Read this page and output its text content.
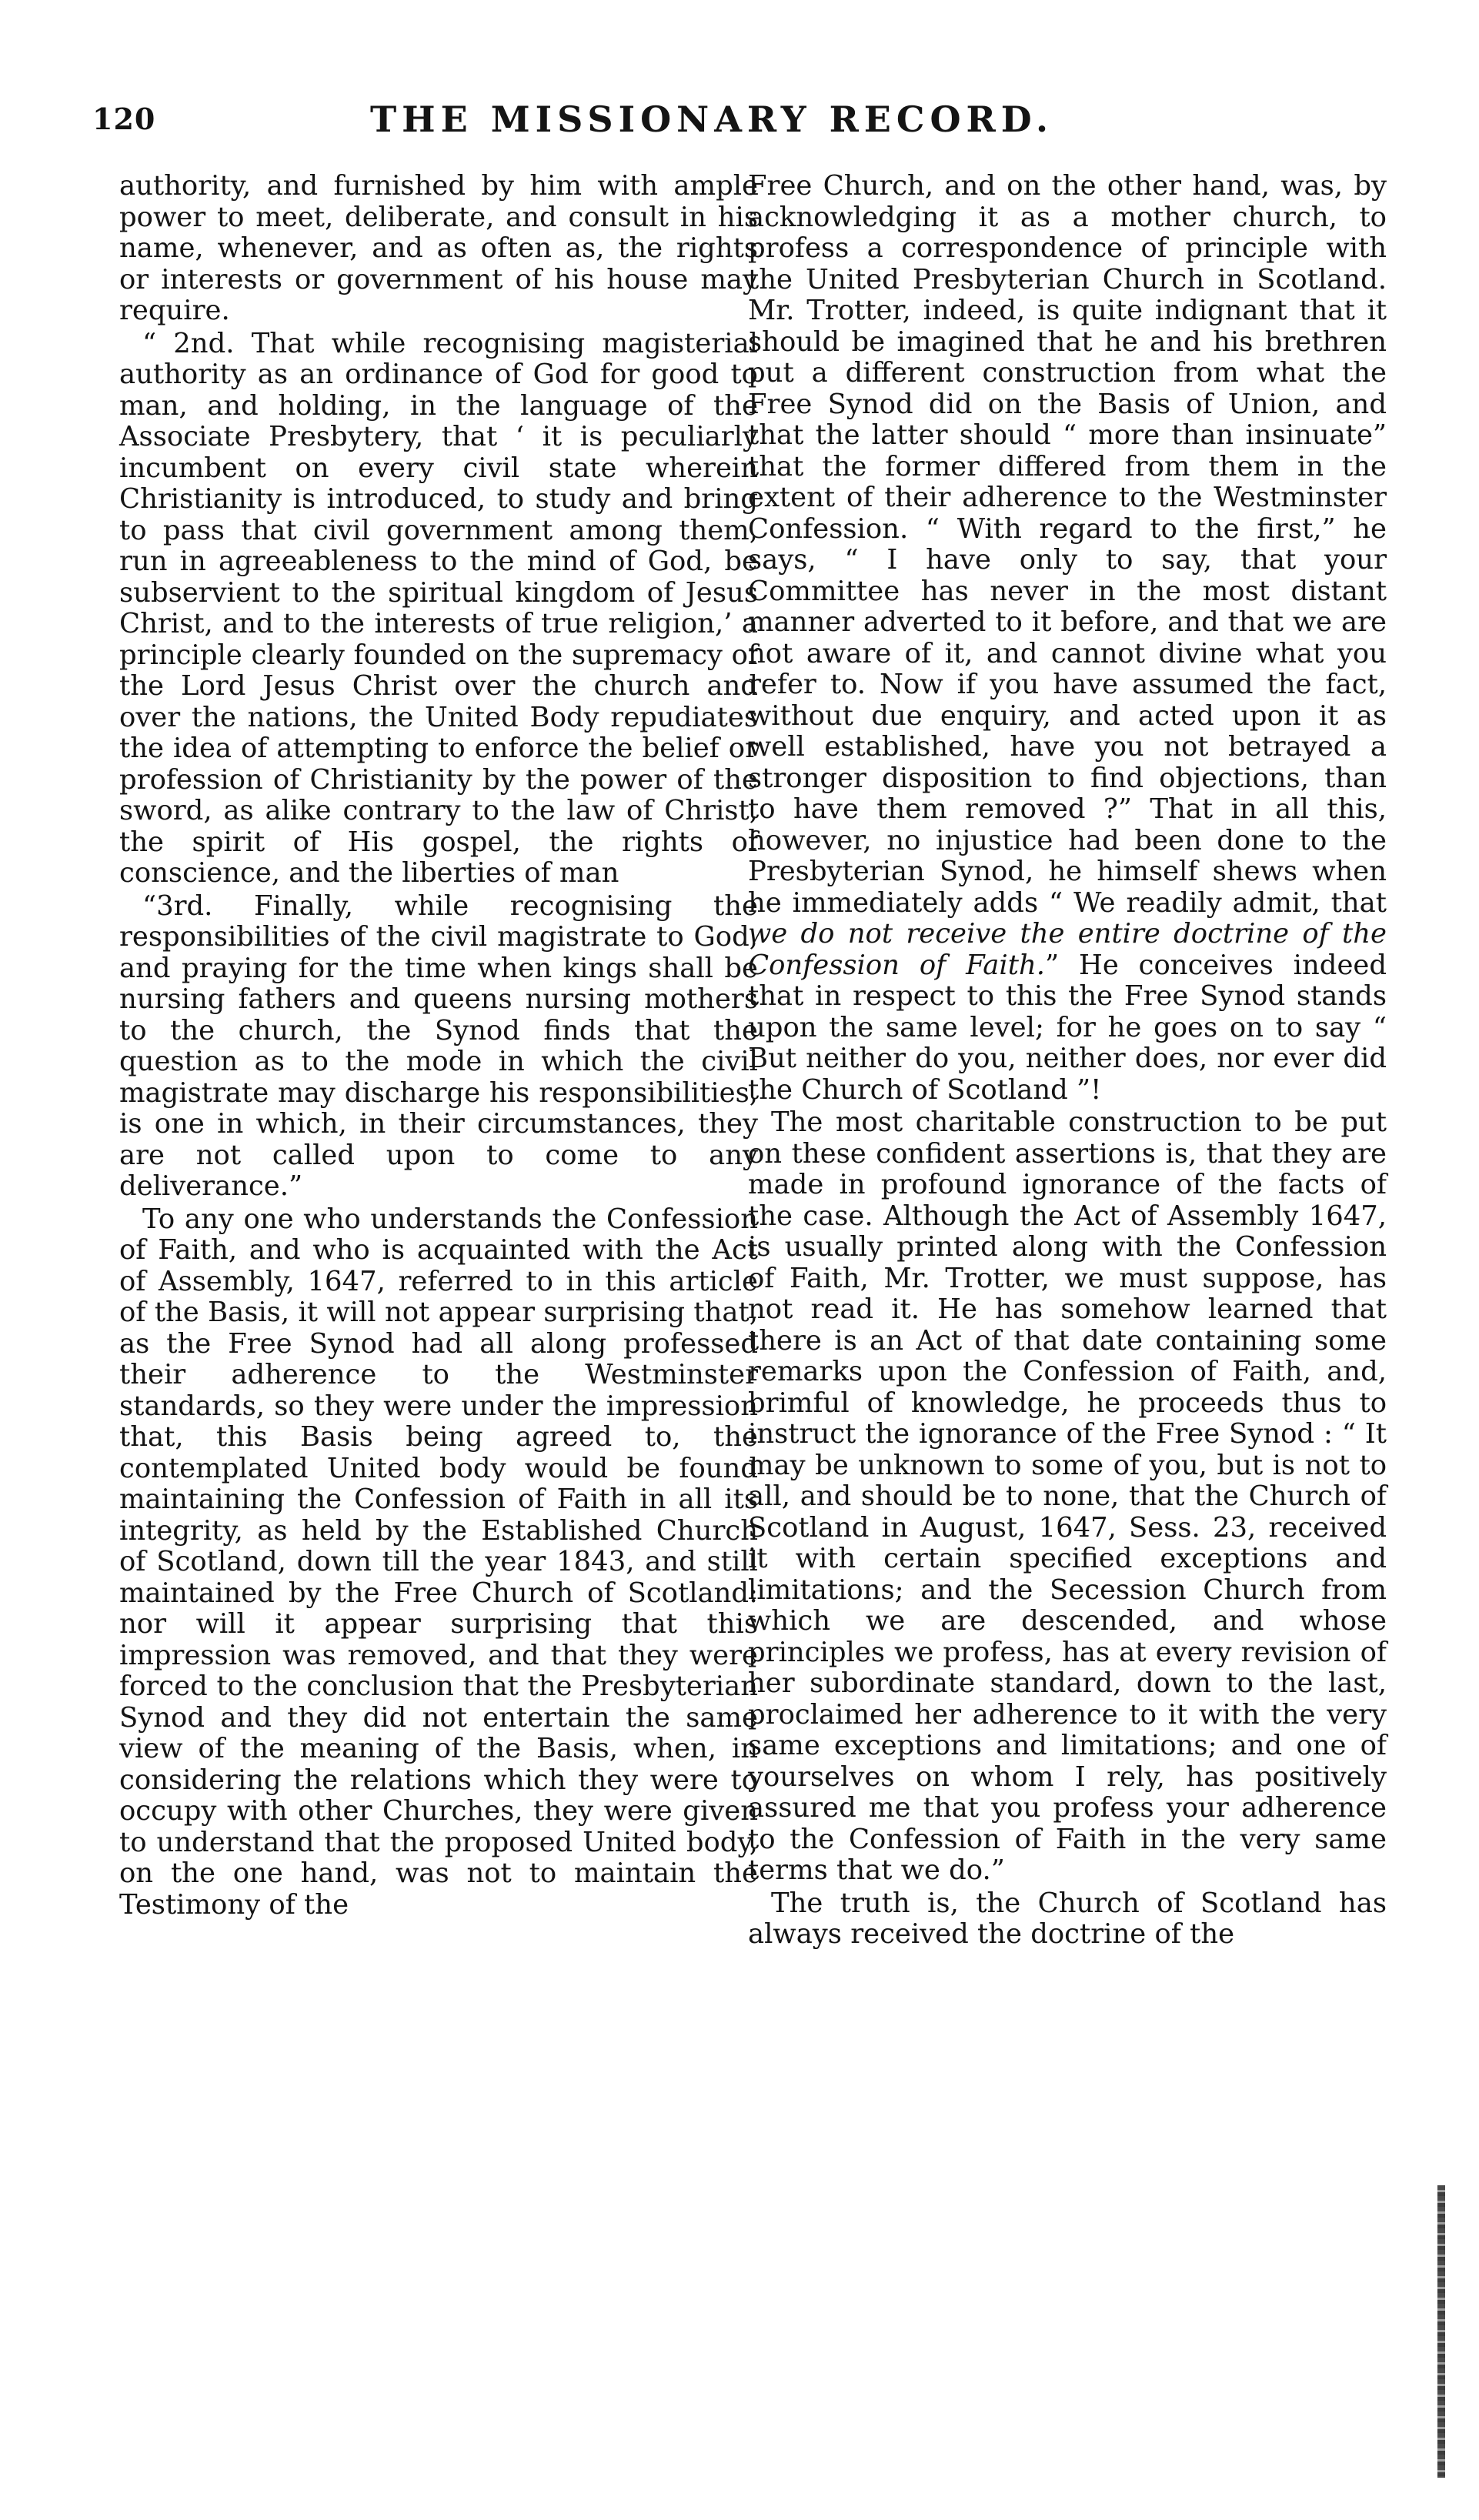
120	THE MISSIONARY RECORD.

authority, and furnished by him with ample power to meet, deliberate, and consult in his name, whenever, and as often as, the rights or interests or government of his house may require.

“ 2nd. That while recognising magisterial authority as an ordinance of God for good to man, and holding, in the language of the Associate Presbytery, that ‘ it is peculiarly incumbent on every civil state wherein Christianity is introduced, to study and bring to pass that civil government among them, run in agreeableness to the mind of God, be subservient to the spiritual kingdom of Jesus Christ, and to the interests of true religion,’ a principle clearly founded on the supremacy of the Lord Jesus Christ over the church and over the nations, the United Body repudiates the idea of attempting to enforce the belief or profession of Christianity by the power of the sword, as alike contrary to the law of Christ, the spirit of His gospel, the rights of conscience, and the liberties of man

“3rd. Finally, while recognising the responsibilities of the civil magistrate to God, and praying for the time when kings shall be nursing fathers and queens nursing mothers to the church, the Synod finds that the question as to the mode in which the civil magistrate may discharge his responsibilities, is one in which, in their circumstances, they are not called upon to come to any deliverance.”

To any one who understands the Confession of Faith, and who is acquainted with the Act of Assembly, 1647, referred to in this article of the Basis, it will not appear surprising that, as the Free Synod had all along professed their adherence to the Westminster standards, so they were under the impression that, this Basis being agreed to, the contemplated United body would be found maintaining the Confession of Faith in all its integrity, as held by the Established Church of Scotland, down till the year 1843, and still maintained by the Free Church of Scotland: nor will it appear surprising that this impression was removed, and that they were forced to the conclusion that the Presbyterian Synod and they did not entertain the same view of the meaning of the Basis, when, in considering the relations which they were to occupy with other Churches, they were given to understand that the proposed United body, on the one hand, was not to maintain the Testimony of the

Free Church, and on the other hand, was, by acknowledging it as a mother church, to profess a correspondence of principle with the United Presbyterian Church in Scotland. Mr. Trotter, indeed, is quite indignant that it should be imagined that he and his brethren put a different construction from what the Free Synod did on the Basis of Union, and that the latter should “ more than insinuate” that the former differed from them in the extent of their adherence to the Westminster Confession. “ With regard to the first,” he says, “ I have only to say, that your Committee has never in the most distant manner adverted to it before, and that we are not aware of it, and cannot divine what you refer to. Now if you have assumed the fact, without due enquiry, and acted upon it as well established, have you not betrayed a stronger disposition to find objections, than to have them removed ?” That in all this, however, no injustice had been done to the Presbyterian Synod, he himself shews when he immediately adds “ We readily admit, that we do not receive the entire doctrine of the Confession of Faith.” He conceives indeed that in respect to this the Free Synod stands upon the same level; for he goes on to say “ But neither do you, neither does, nor ever did the Church of Scotland ”!

The most charitable construction to be put on these confident assertions is, that they are made in profound ignorance of the facts of the case. Although the Act of Assembly 1647, is usually printed along with the Confession of Faith, Mr. Trotter, we must suppose, has not read it. He has somehow learned that there is an Act of that date containing some remarks upon the Confession of Faith, and, brimful of knowledge, he proceeds thus to instruct the ignorance of the Free Synod : “ It may be unknown to some of you, but is not to all, and should be to none, that the Church of Scotland in August, 1647, Sess. 23, received it with certain specified exceptions and limitations; and the Secession Church from which we are descended, and whose principles we profess, has at every revision of her subordinate standard, down to the last, proclaimed her adherence to it with the very same exceptions and limitations; and one of yourselves on whom I rely, has positively assured me that you profess your adherence to the Confession of Faith in the very same terms that we do.”

The truth is, the Church of Scotland has always received the doctrine of the
